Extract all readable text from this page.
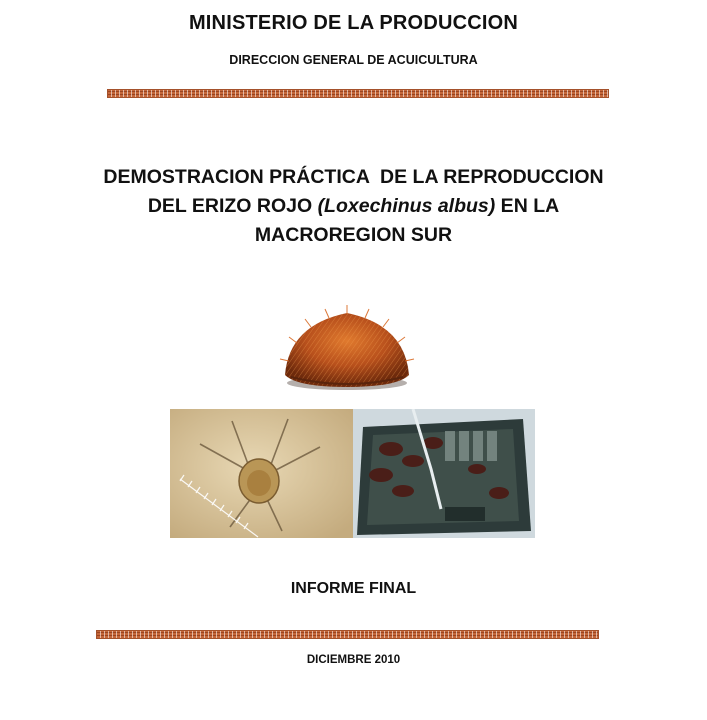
MINISTERIO DE LA PRODUCCION
DIRECCION GENERAL DE ACUICULTURA
DEMOSTRACION PRÁCTICA  DE LA REPRODUCCION
DEL ERIZO ROJO (Loxechinus albus) EN LA
MACROREGION SUR
INFORME FINAL
DICIEMBRE 2010
